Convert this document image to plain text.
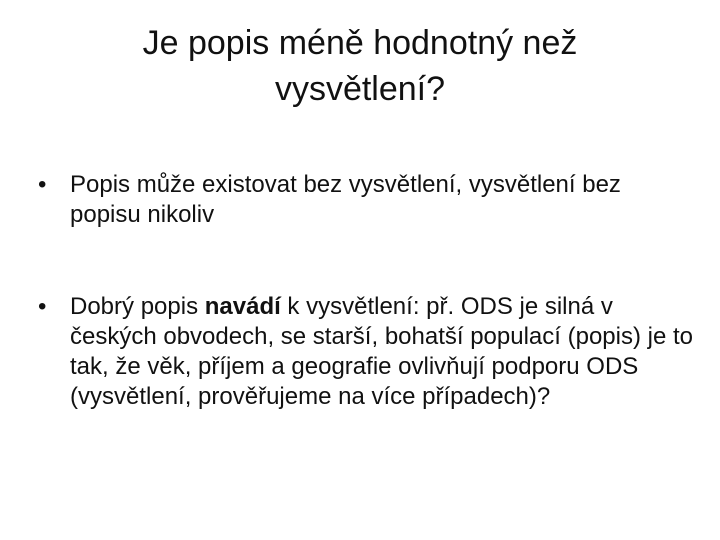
Je popis méně hodnotný než
vysvětlení?
• Popis může existovat bez vysvětlení, vysvětlení bez popisu nikoliv
• Dobrý popis navádí k vysvětlení: př. ODS je silná v českých obvodech, se starší, bohatší populací (popis) je to tak, že věk, příjem a geografie ovlivňují podporu ODS (vysvětlení, prověřujeme na více případech)?
